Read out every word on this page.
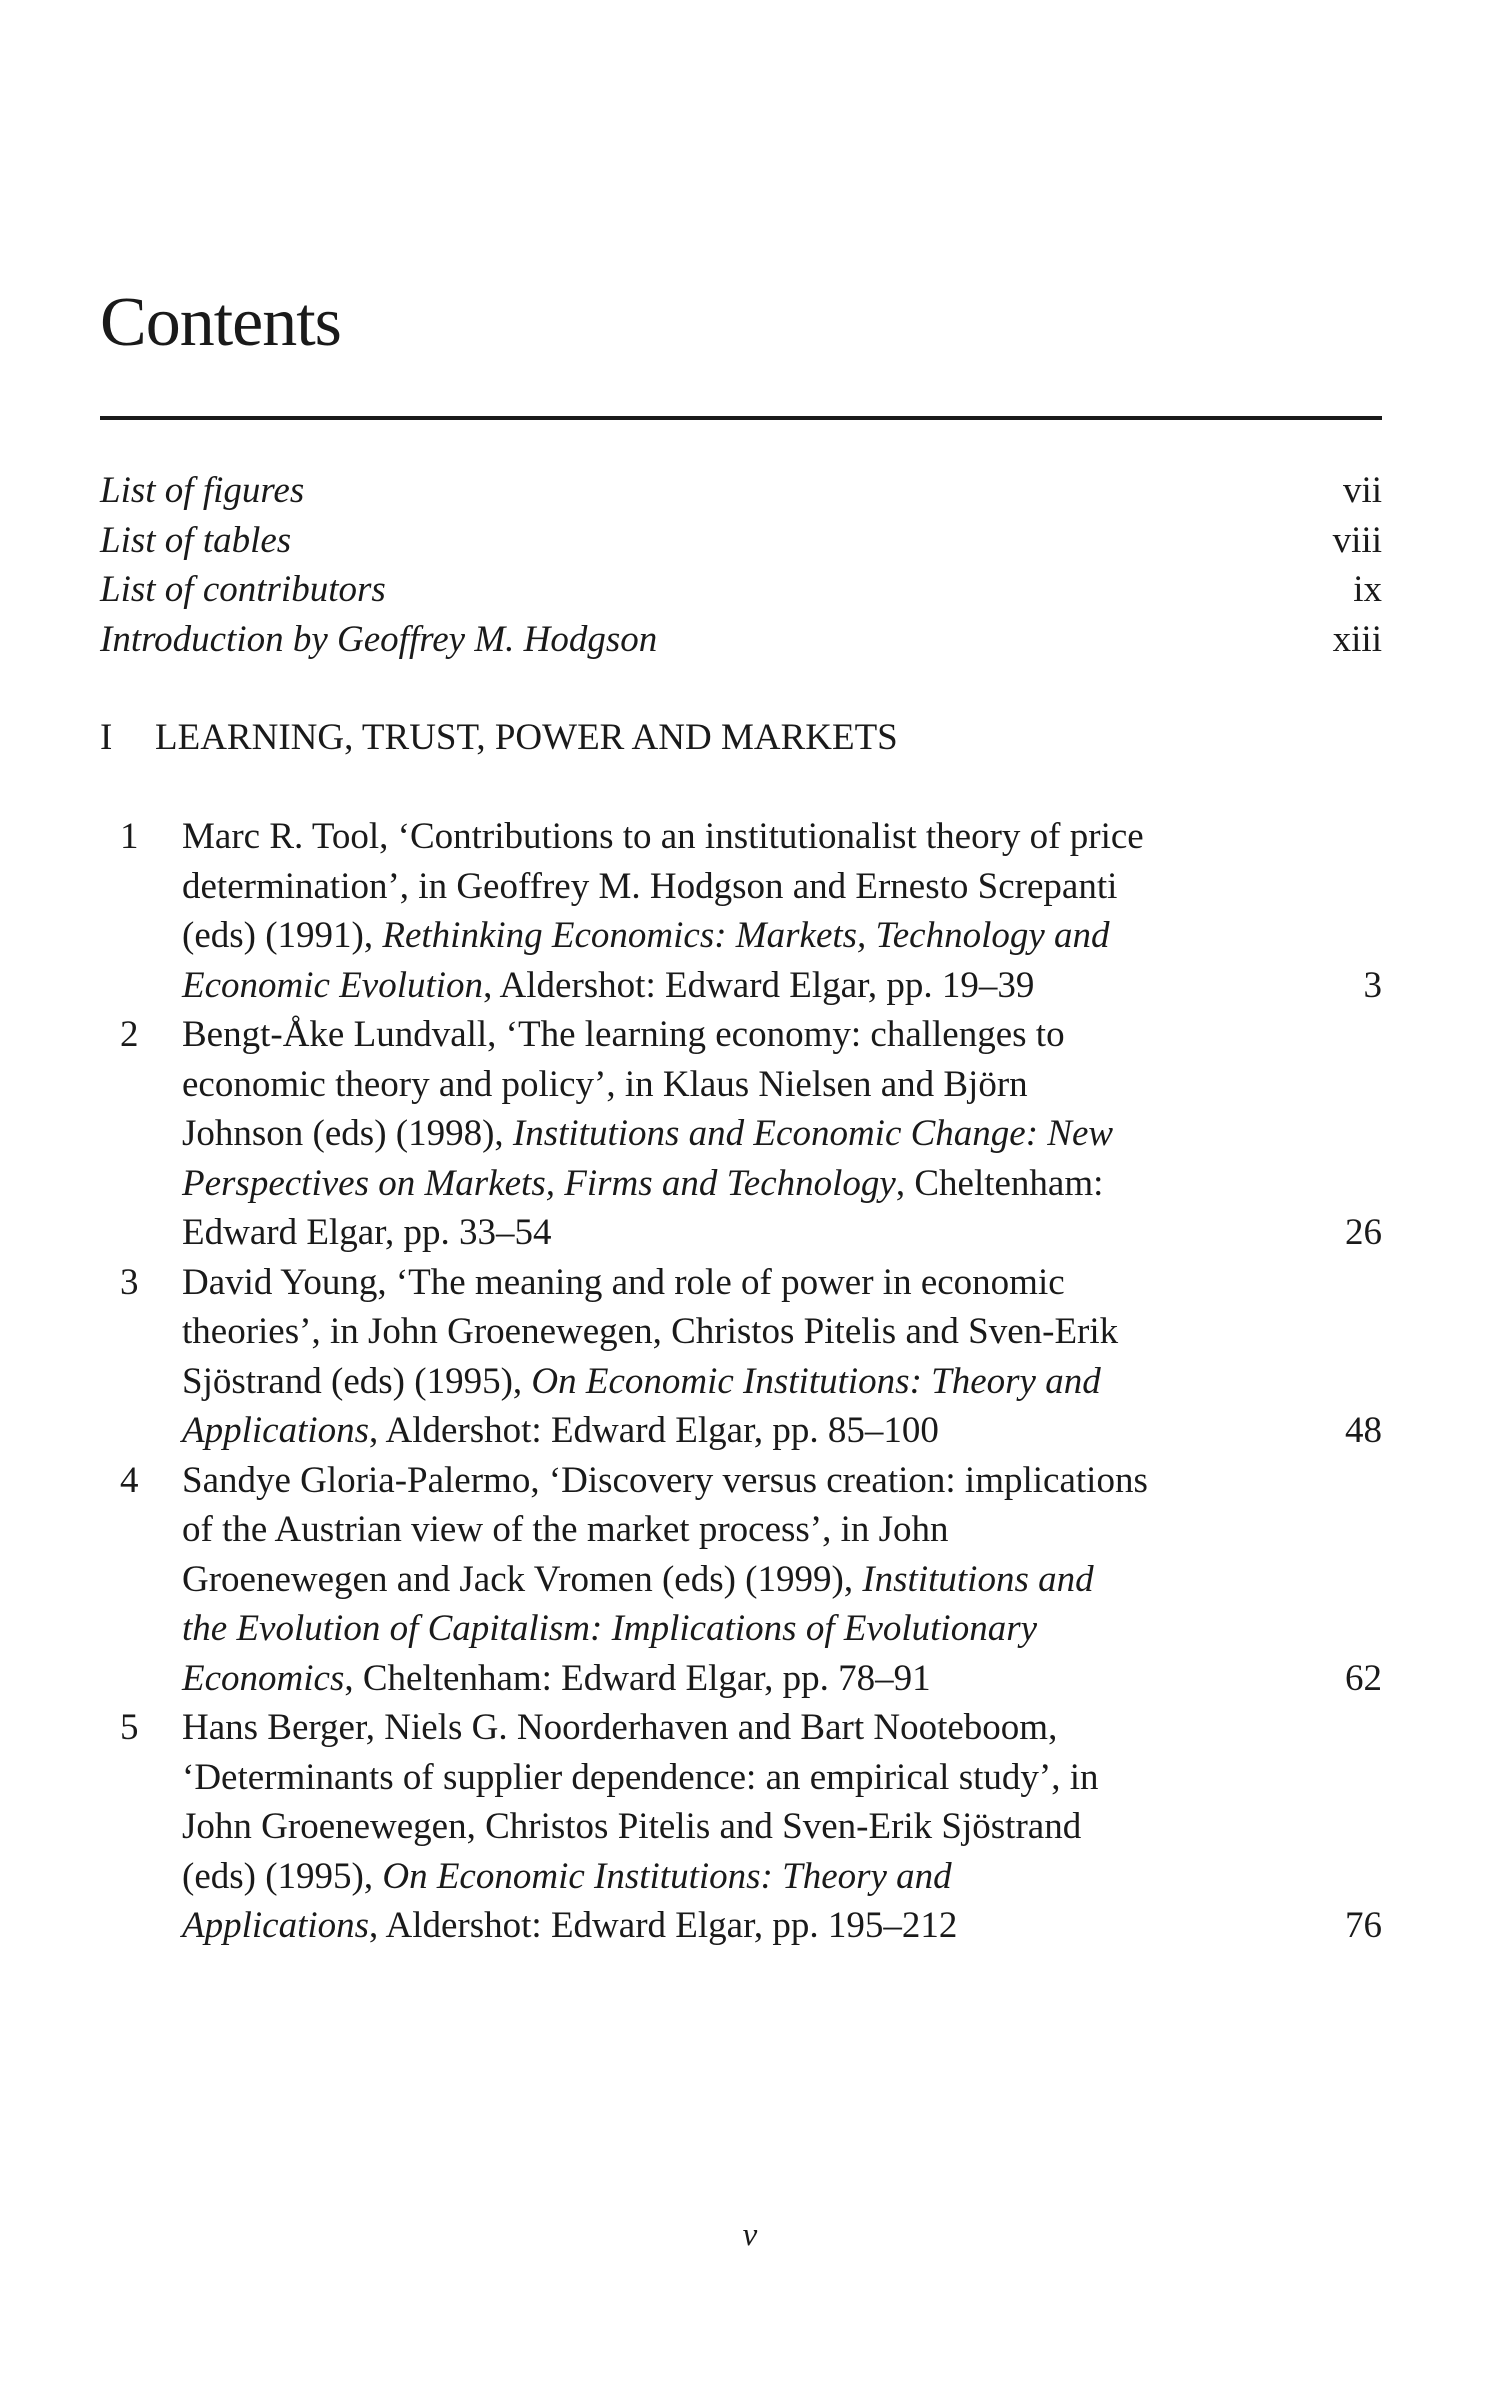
Contents
List of figures	vii
List of tables	viii
List of contributors	ix
Introduction by Geoffrey M. Hodgson	xiii
I LEARNING, TRUST, POWER AND MARKETS
1 Marc R. Tool, ‘Contributions to an institutionalist theory of price
determination’, in Geoffrey M. Hodgson and Ernesto Screpanti
(eds) (1991), Rethinking Economics: Markets, Technology and
Economic Evolution, Aldershot: Edward Elgar, pp. 19–39	3
2 Bengt-Åke Lundvall, ‘The learning economy: challenges to
economic theory and policy’, in Klaus Nielsen and Björn
Johnson (eds) (1998), Institutions and Economic Change: New
Perspectives on Markets, Firms and Technology, Cheltenham:
Edward Elgar, pp. 33–54	26
3 David Young, ‘The meaning and role of power in economic
theories’, in John Groenewegen, Christos Pitelis and Sven-Erik
Sjöstrand (eds) (1995), On Economic Institutions: Theory and
Applications, Aldershot: Edward Elgar, pp. 85–100	48
4 Sandye Gloria-Palermo, ‘Discovery versus creation: implications
of the Austrian view of the market process’, in John
Groenewegen and Jack Vromen (eds) (1999), Institutions and
the Evolution of Capitalism: Implications of Evolutionary
Economics, Cheltenham: Edward Elgar, pp. 78–91	62
5 Hans Berger, Niels G. Noorderhaven and Bart Nooteboom,
‘Determinants of supplier dependence: an empirical study’, in
John Groenewegen, Christos Pitelis and Sven-Erik Sjöstrand
(eds) (1995), On Economic Institutions: Theory and
Applications, Aldershot: Edward Elgar, pp. 195–212	76
v
